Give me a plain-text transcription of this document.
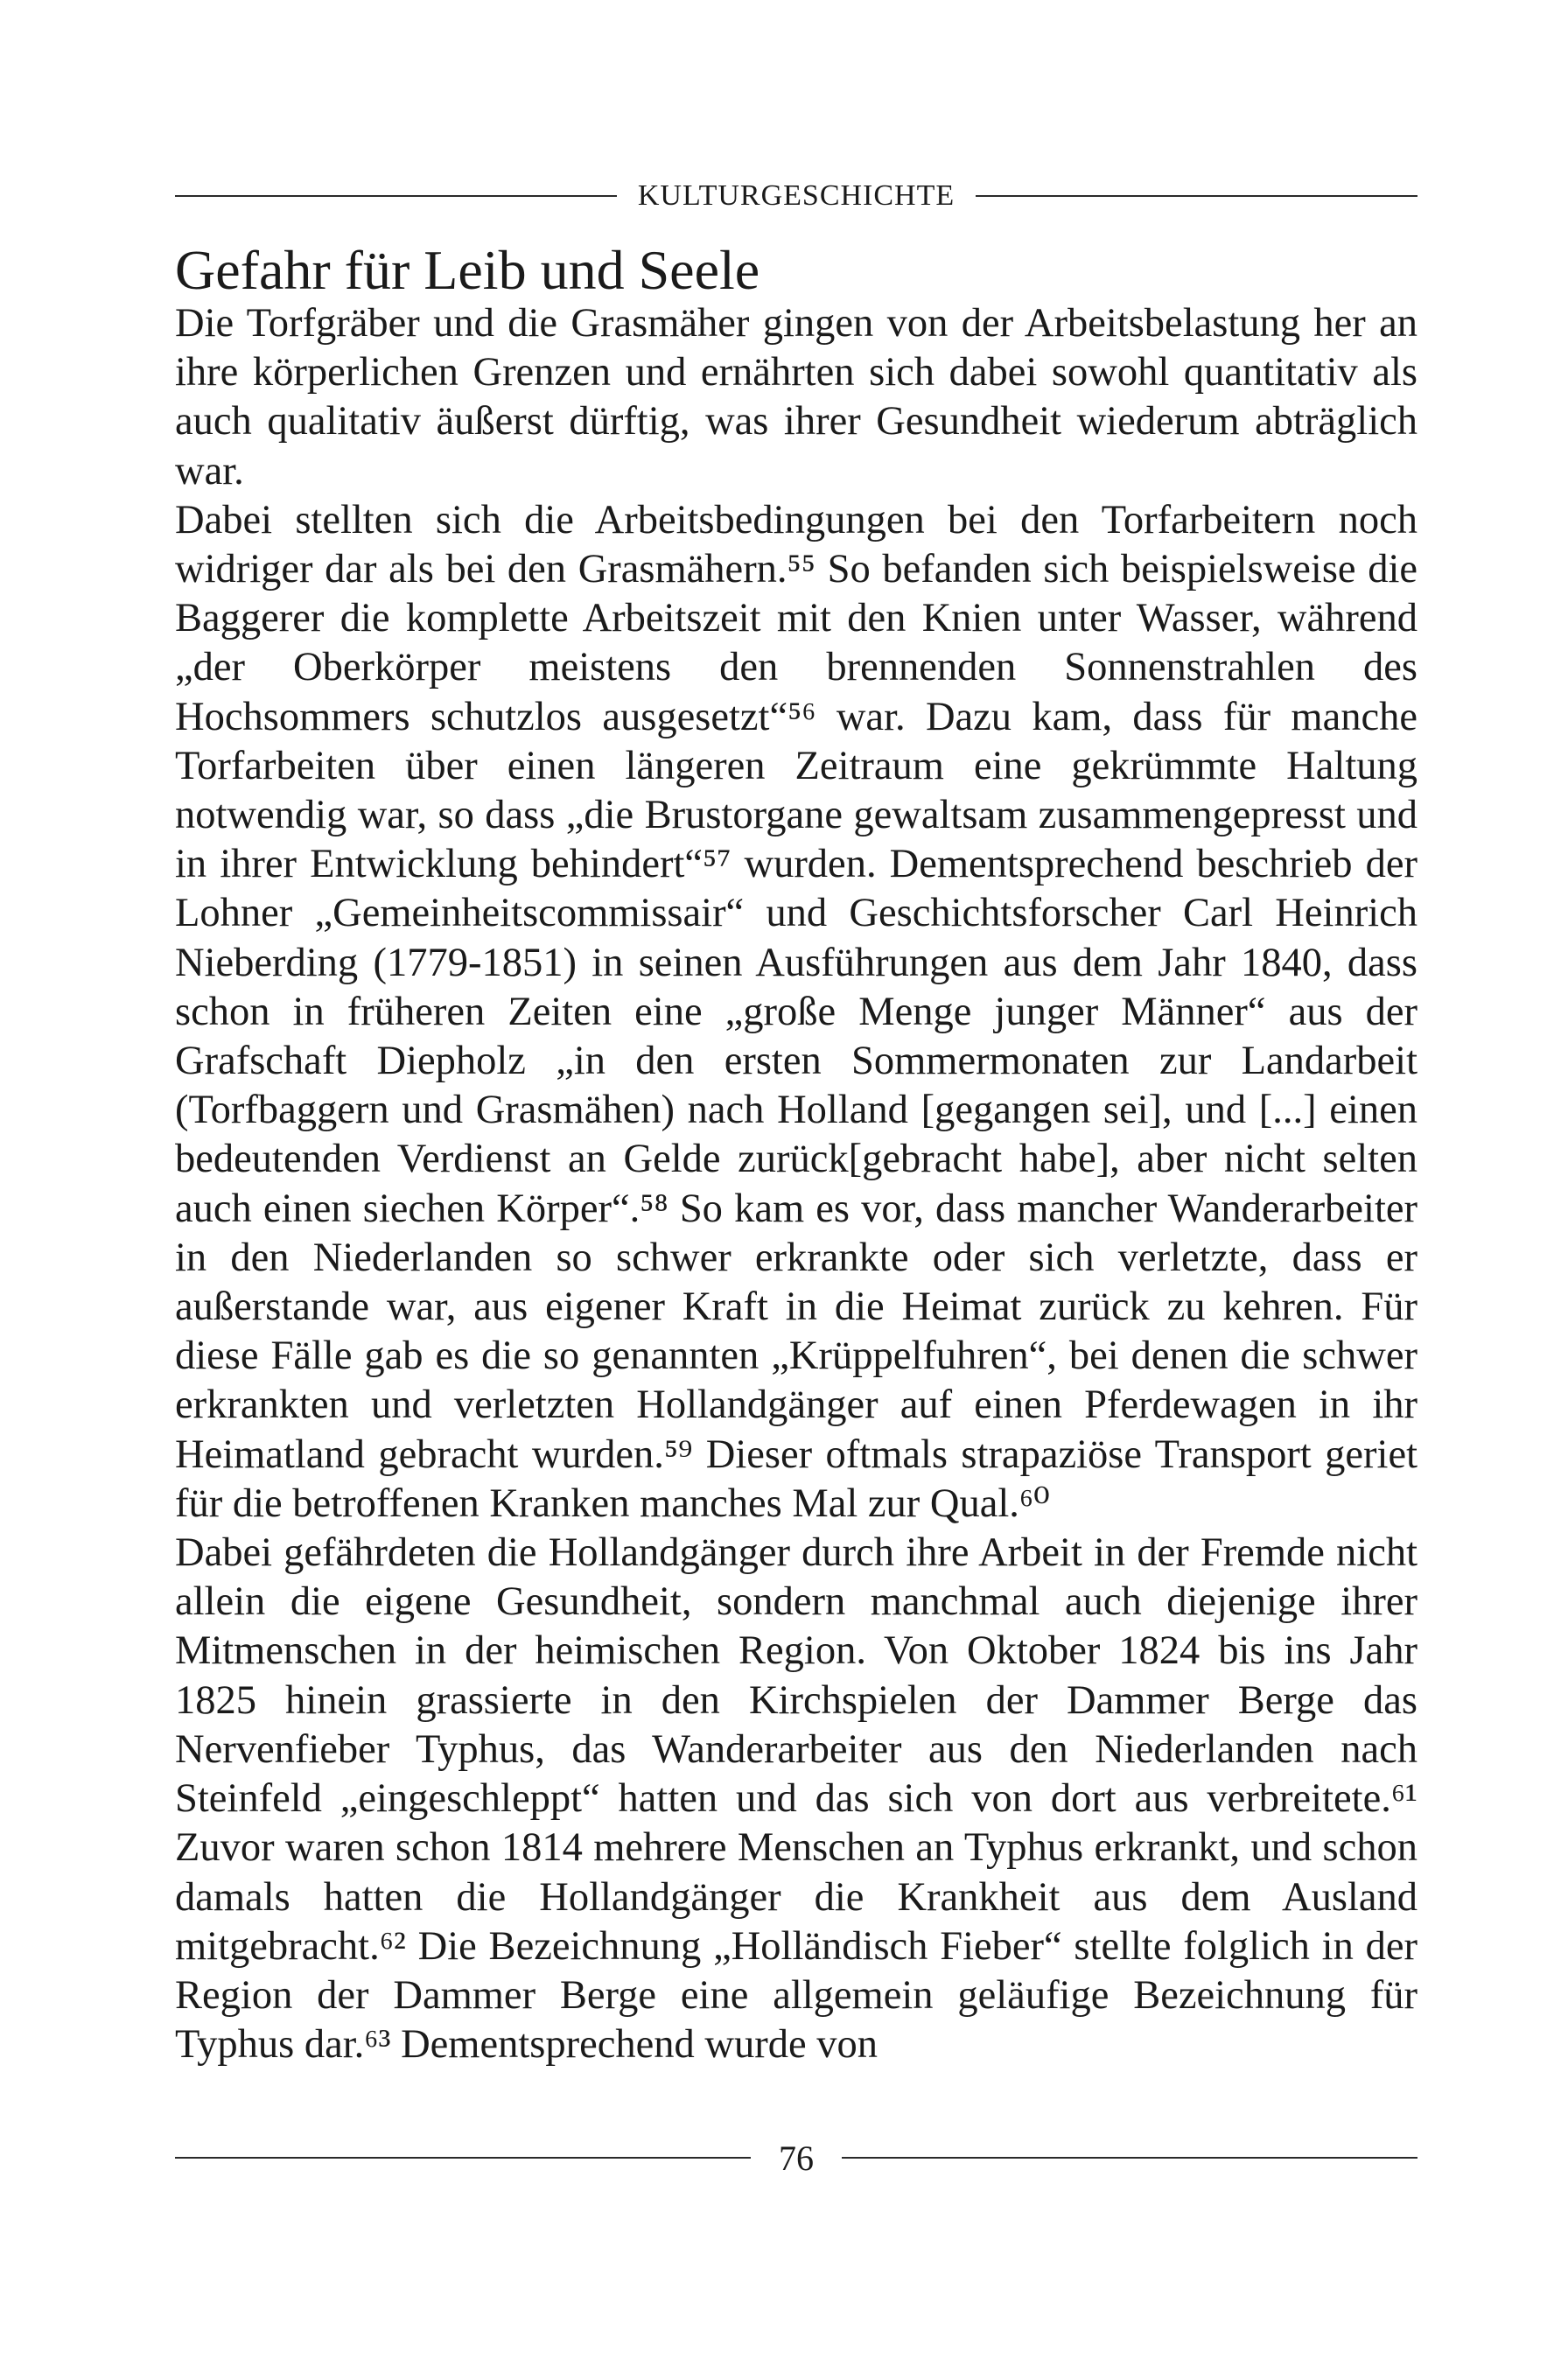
KULTURGESCHICHTE
Gefahr für Leib und Seele

Die Torfgräber und die Grasmäher gingen von der Arbeitsbelastung her an ihre körperlichen Grenzen und ernährten sich dabei sowohl quantitativ als auch qualitativ äußerst dürftig, was ihrer Gesundheit wiederum abträglich war.

Dabei stellten sich die Arbeitsbedingungen bei den Torfarbeitern noch widriger dar als bei den Grasmähern.⁵⁵ So befanden sich beispielsweise die Baggerer die komplette Arbeitszeit mit den Knien unter Wasser, während „der Oberkörper meistens den brennenden Sonnenstrahlen des Hochsommers schutzlos ausgesetzt“⁵⁶ war. Dazu kam, dass für manche Torfarbeiten über einen längeren Zeitraum eine gekrümmte Haltung notwendig war, so dass „die Brustorgane gewaltsam zusammengepresst und in ihrer Entwicklung behindert“⁵⁷ wurden. Dementsprechend beschrieb der Lohner „Gemeinheitscommissair“ und Geschichtsforscher Carl Heinrich Nieberding (1779-1851) in seinen Ausführungen aus dem Jahr 1840, dass schon in früheren Zeiten eine „große Menge junger Männer“ aus der Grafschaft Diepholz „in den ersten Sommermonaten zur Landarbeit (Torfbaggern und Grasmähen) nach Holland [gegangen sei], und [...] einen bedeutenden Verdienst an Gelde zurück[gebracht habe], aber nicht selten auch einen siechen Körper“.⁵⁸ So kam es vor, dass mancher Wanderarbeiter in den Niederlanden so schwer erkrankte oder sich verletzte, dass er außerstande war, aus eigener Kraft in die Heimat zurück zu kehren. Für diese Fälle gab es die so genannten „Krüppelfuhren“, bei denen die schwer erkrankten und verletzten Hollandgänger auf einen Pferdewagen in ihr Heimatland gebracht wurden.⁵⁹ Dieser oftmals strapaziöse Transport geriet für die betroffenen Kranken manches Mal zur Qual.⁶⁰

Dabei gefährdeten die Hollandgänger durch ihre Arbeit in der Fremde nicht allein die eigene Gesundheit, sondern manchmal auch diejenige ihrer Mitmenschen in der heimischen Region. Von Oktober 1824 bis ins Jahr 1825 hinein grassierte in den Kirchspielen der Dammer Berge das Nervenfieber Typhus, das Wanderarbeiter aus den Niederlanden nach Steinfeld „eingeschleppt“ hatten und das sich von dort aus verbreitete.⁶¹ Zuvor waren schon 1814 mehrere Menschen an Typhus erkrankt, und schon damals hatten die Hollandgänger die Krankheit aus dem Ausland mitgebracht.⁶² Die Bezeichnung „Holländisch Fieber“ stellte folglich in der Region der Dammer Berge eine allgemein geläufige Bezeichnung für Typhus dar.⁶³ Dementsprechend wurde von

76
